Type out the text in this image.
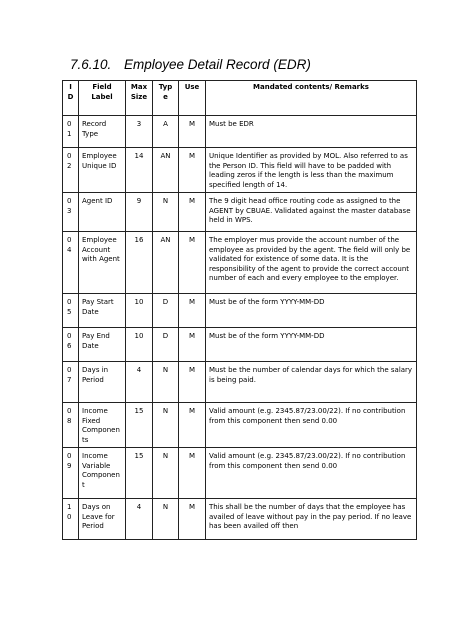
7.6.10. Employee Detail Record (EDR)
I D	Field Label	Max Size	Typ e	Use	Mandated contents/ Remarks
01	Record Type	3	A	M	Must be EDR
02	Employee Unique ID	14	AN	M	Unique Identifier as provided by MOL. Also referred to as the Person ID. This field will have to be padded with leading zeros if the length is less than the maximum specified length of 14.
03	Agent ID	9	N	M	The 9 digit head office routing code as assigned to the AGENT by CBUAE. Validated against the master database held in WPS.
04	Employee Account with Agent	16	AN	M	The employer mus provide the account number of the employee as provided by the agent. The field will only be validated for existence of some data. It is the responsibility of the agent to provide the correct account number of each and every employee to the employer.
05	Pay Start Date	10	D	M	Must be of the form YYYY-MM-DD
06	Pay End Date	10	D	M	Must be of the form YYYY-MM-DD
07	Days in Period	4	N	M	Must be the number of calendar days for which the salary is being paid.
08	Income Fixed Components	15	N	M	Valid amount (e.g. 2345.87/23.00/22). If no contribution from this component then send 0.00
09	Income Variable Component	15	N	M	Valid amount (e.g. 2345.87/23.00/22). If no contribution from this component then send 0.00
10	Days on Leave for Period	4	N	M	This shall be the number of days that the employee has availed of leave without pay in the pay period. If no leave has been availed off then
